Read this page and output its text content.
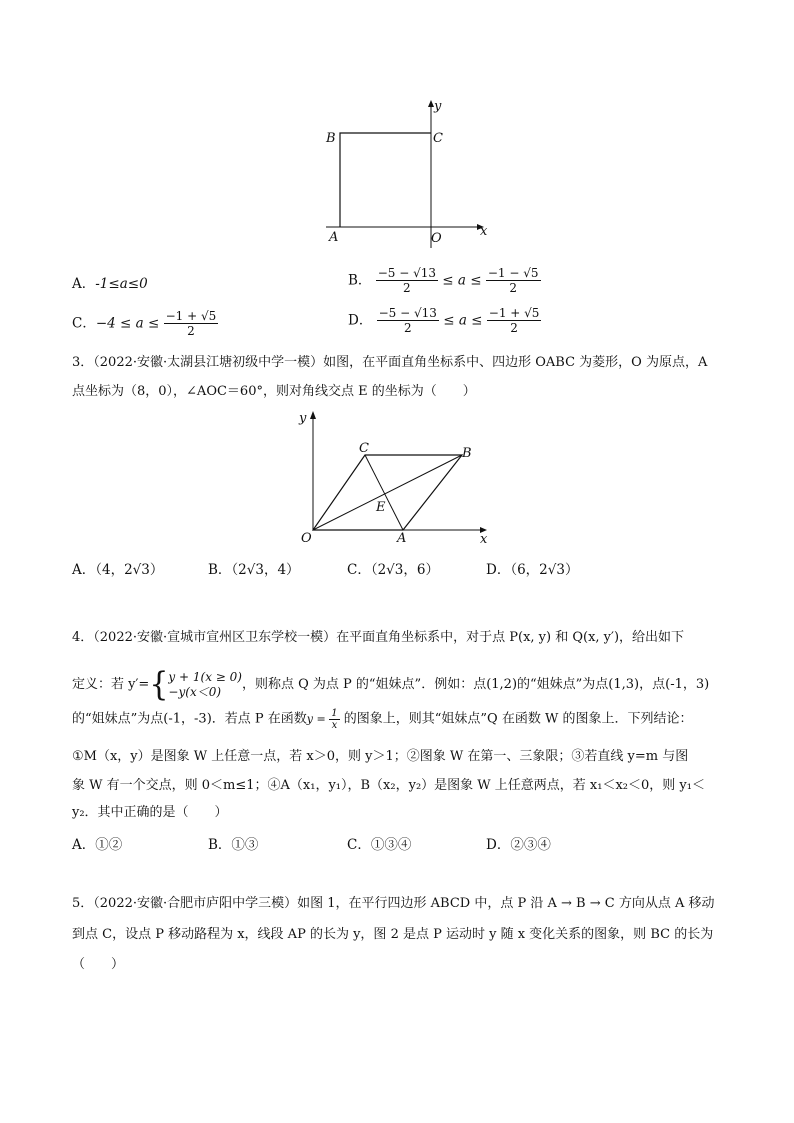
B	C
A	O	x
y
A．-1≤a≤0	B． $\frac{-5 - √13}{2} \le a \le \frac{-1 - √5}{2}$
C．$-4 \le a \le \frac{-1 + √5}{2}$	D． $\frac{-5 - √13}{2} \le a \le \frac{-1 + √5}{2}$
3．（2022·安徽·太湖县江塘初级中学一模）如图，在平面直角坐标系中、四边形 OABC 为菱形，O 为原点，A
点坐标为（8，0），∠AOC＝60°，则对角线交点 E 的坐标为（　　）
y
C	B
E
O	A	x
A．（4，2√3）	B．（2√3，4）	C．（2√3，6）	D．（6，2√3）
4．（2022·安徽·宣城市宣州区卫东学校一模）在平面直角坐标系中，对于点 P(x, y) 和 Q(x, y′)，给出如下
定义：若 y′={ y + 1(x ≥ 0)
−y(x＜0)	，则称点 Q 为点 P 的“姐妹点”．例如：点(1,2)的“姐妹点”为点(1,3)，点(-1，3)
的“姐妹点”为点(-1，-3)．若点 P 在函数$y = \frac{1}{x}$ 的图象上，则其“姐妹点”Q 在函数 W 的图象上．下列结论：
①M（x，y）是图象 W 上任意一点，若 x＞0，则 y＞1；②图象 W 在第一、三象限；③若直线 y=m 与图
象 W 有一个交点，则 0＜m≤1；④A（x₁，y₁），B（x₂，y₂）是图象 W 上任意两点，若 x₁＜x₂＜0，则 y₁＜
y₂．其中正确的是（　　）
A．①②	B．①③	C．①③④	D．②③④
5．（2022·安徽·合肥市庐阳中学三模）如图 1，在平行四边形 ABCD 中，点 P 沿 A → B → C 方向从点 A 移动
到点 C，设点 P 移动路程为 x，线段 AP 的长为 y，图 2 是点 P 运动时 y 随 x 变化关系的图象，则 BC 的长为
（　　）
